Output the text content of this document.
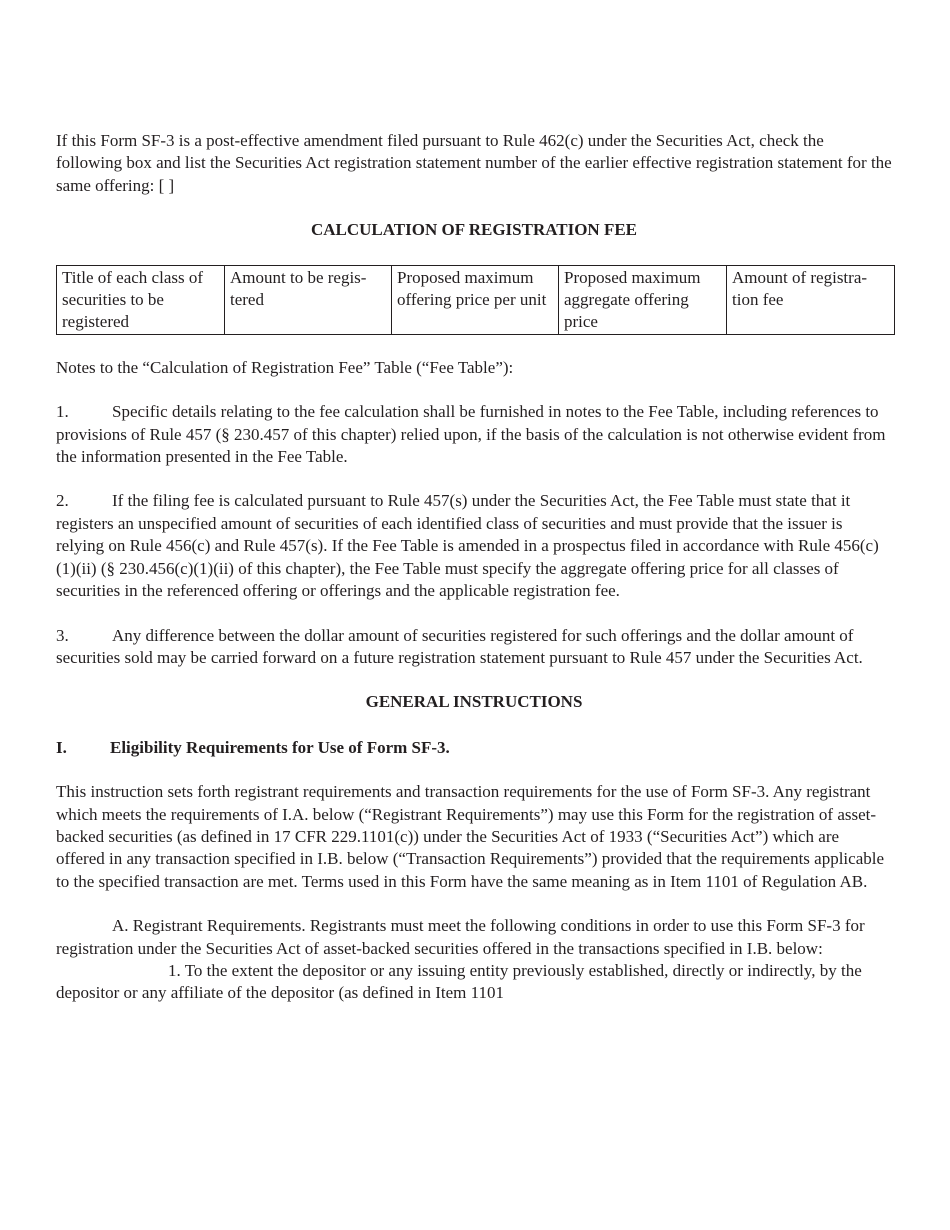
If this Form SF-3 is a post-effective amendment filed pursuant to Rule 462(c) under the Securities Act, check the following box and list the Securities Act registration statement number of the earlier effective registration statement for the same offering: [ ]

CALCULATION OF REGISTRATION FEE

Title of each class of securities to be registered	Amount to be regis-tered	Proposed maximum offering price per unit	Proposed maximum aggregate offering price	Amount of registra-tion fee

Notes to the “Calculation of Registration Fee” Table (“Fee Table”):

1.	Specific details relating to the fee calculation shall be furnished in notes to the Fee Table, including references to provisions of Rule 457 (§ 230.457 of this chapter) relied upon, if the basis of the calculation is not otherwise evident from the information presented in the Fee Table.

2.	If the filing fee is calculated pursuant to Rule 457(s) under the Securities Act, the Fee Table must state that it registers an unspecified amount of securities of each identified class of securities and must provide that the issuer is relying on Rule 456(c) and Rule 457(s). If the Fee Table is amended in a prospectus filed in accordance with Rule 456(c)(1)(ii) (§ 230.456(c)(1)(ii) of this chapter), the Fee Table must specify the aggregate offering price for all classes of securities in the referenced offering or offerings and the applicable registration fee.

3.	Any difference between the dollar amount of securities registered for such offerings and the dollar amount of securities sold may be carried forward on a future registration statement pursuant to Rule 457 under the Securities Act.

GENERAL INSTRUCTIONS

I.	Eligibility Requirements for Use of Form SF-3.

This instruction sets forth registrant requirements and transaction requirements for the use of Form SF-3. Any registrant which meets the requirements of I.A. below (“Registrant Requirements”) may use this Form for the registration of asset-backed securities (as defined in 17 CFR 229.1101(c)) under the Securities Act of 1933 (“Securities Act”) which are offered in any transaction specified in I.B. below (“Transaction Requirements”) provided that the requirements applicable to the specified transaction are met. Terms used in this Form have the same meaning as in Item 1101 of Regulation AB.

A. Registrant Requirements. Registrants must meet the following conditions in order to use this Form SF-3 for registration under the Securities Act of asset-backed securities offered in the transactions specified in I.B. below:

1. To the extent the depositor or any issuing entity previously established, directly or indirectly, by the depositor or any affiliate of the depositor (as defined in Item 1101
